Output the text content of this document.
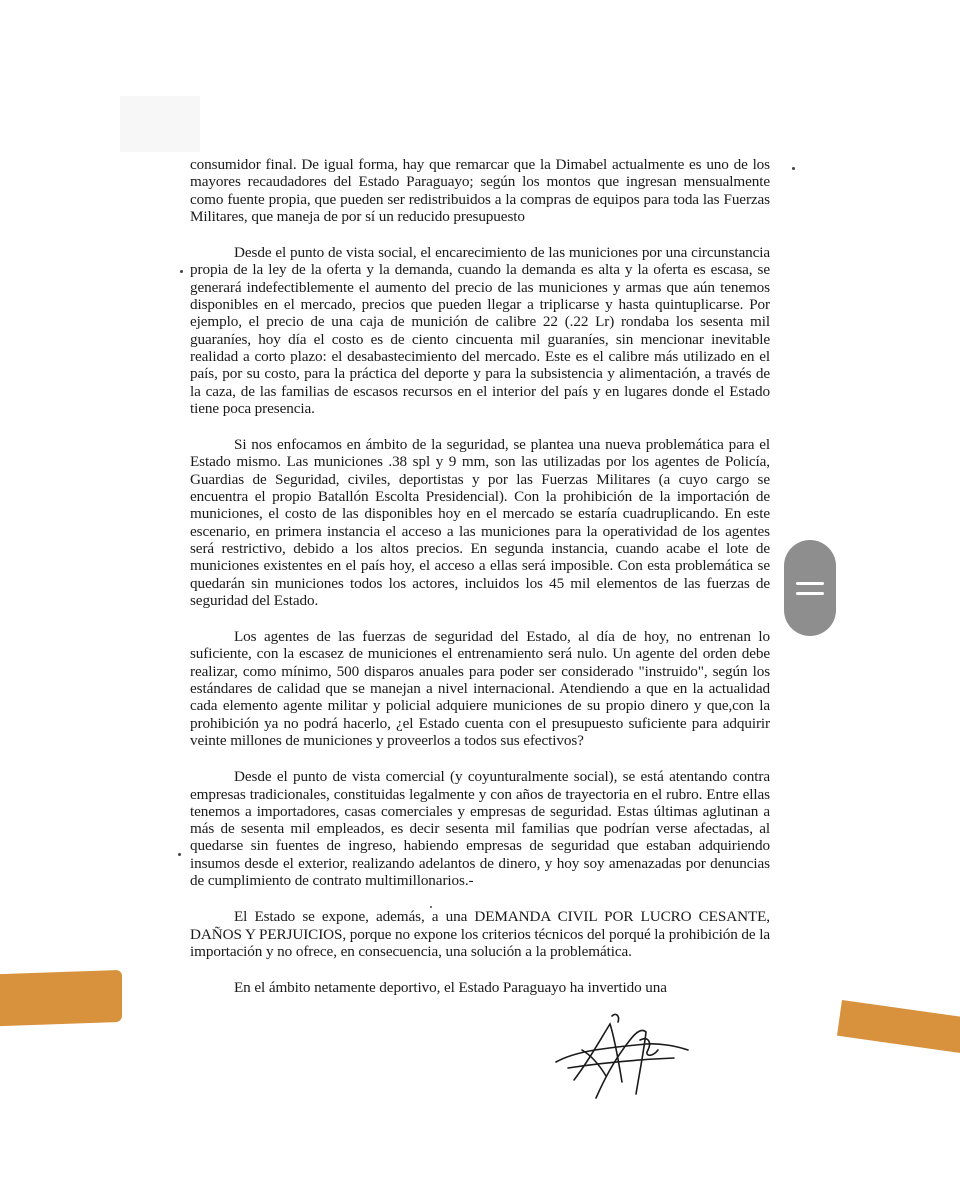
consumidor final. De igual forma, hay que remarcar que la Dimabel actualmente es uno de los mayores recaudadores del Estado Paraguayo; según los montos que ingresan mensualmente como fuente propia, que pueden ser redistribuidos a la compras de equipos para toda las Fuerzas Militares, que maneja de por sí un reducido presupuesto

Desde el punto de vista social, el encarecimiento de las municiones por una circunstancia propia de la ley de la oferta y la demanda, cuando la demanda es alta y la oferta es escasa, se generará indefectiblemente el aumento del precio de las municiones y armas que aún tenemos disponibles en el mercado, precios que pueden llegar a triplicarse y hasta quintuplicarse. Por ejemplo, el precio de una caja de munición de calibre 22 (.22 Lr) rondaba los sesenta mil guaraníes, hoy día el costo es de ciento cincuenta mil guaraníes, sin mencionar inevitable realidad a corto plazo: el desabastecimiento del mercado. Este es el calibre más utilizado en el país, por su costo, para la práctica del deporte y para la subsistencia y alimentación, a través de la caza, de las familias de escasos recursos en el interior del país y en lugares donde el Estado tiene poca presencia.

Si nos enfocamos en ámbito de la seguridad, se plantea una nueva problemática para el Estado mismo. Las municiones .38 spl y 9 mm, son las utilizadas por los agentes de Policía, Guardias de Seguridad, civiles, deportistas y por las Fuerzas Militares (a cuyo cargo se encuentra el propio Batallón Escolta Presidencial). Con la prohibición de la importación de municiones, el costo de las disponibles hoy en el mercado se estaría cuadruplicando. En este escenario, en primera instancia el acceso a las municiones para la operatividad de los agentes será restrictivo, debido a los altos precios. En segunda instancia, cuando acabe el lote de municiones existentes en el país hoy, el acceso a ellas será imposible. Con esta problemática se quedarán sin municiones todos los actores, incluidos los 45 mil elementos de las fuerzas de seguridad del Estado.

Los agentes de las fuerzas de seguridad del Estado, al día de hoy, no entrenan lo suficiente, con la escasez de municiones el entrenamiento será nulo. Un agente del orden debe realizar, como mínimo, 500 disparos anuales para poder ser considerado "instruido", según los estándares de calidad que se manejan a nivel internacional. Atendiendo a que en la actualidad cada elemento agente militar y policial adquiere municiones de su propio dinero y que,con la prohibición ya no podrá hacerlo, ¿el Estado cuenta con el presupuesto suficiente para adquirir veinte millones de municiones y proveerlos a todos sus efectivos?

Desde el punto de vista comercial (y coyunturalmente social), se está atentando contra empresas tradicionales, constituidas legalmente y con años de trayectoria en el rubro. Entre ellas tenemos a importadores, casas comerciales y empresas de seguridad. Estas últimas aglutinan a más de sesenta mil empleados, es decir sesenta mil familias que podrían verse afectadas, al quedarse sin fuentes de ingreso, habiendo empresas de seguridad que estaban adquiriendo insumos desde el exterior, realizando adelantos de dinero, y hoy soy amenazadas por denuncias de cumplimiento de contrato multimillonarios.-

El Estado se expone, además, a una DEMANDA CIVIL POR LUCRO CESANTE, DAÑOS Y PERJUICIOS, porque no expone los criterios técnicos del porqué la prohibición de la importación y no ofrece, en consecuencia, una solución a la problemática.

En el ámbito netamente deportivo, el Estado Paraguayo ha invertido una
